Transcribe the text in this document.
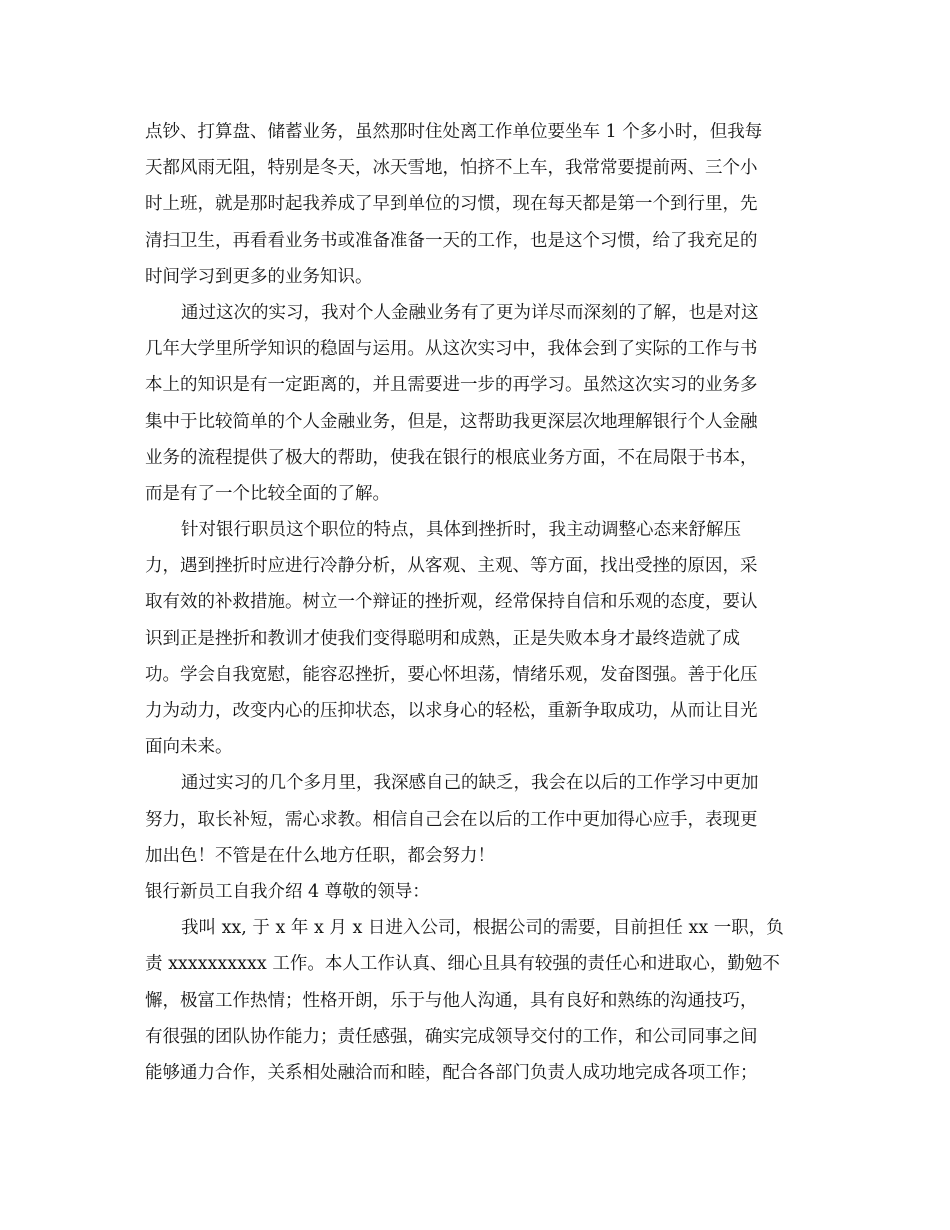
点钞、打算盘、储蓄业务，虽然那时住处离工作单位要坐车 1 个多小时，但我每
天都风雨无阻，特别是冬天，冰天雪地，怕挤不上车，我常常要提前两、三个小
时上班，就是那时起我养成了早到单位的习惯，现在每天都是第一个到行里，先
清扫卫生，再看看业务书或准备准备一天的工作，也是这个习惯，给了我充足的
时间学习到更多的业务知识。
通过这次的实习，我对个人金融业务有了更为详尽而深刻的了解，也是对这
几年大学里所学知识的稳固与运用。从这次实习中，我体会到了实际的工作与书
本上的知识是有一定距离的，并且需要进一步的再学习。虽然这次实习的业务多
集中于比较简单的个人金融业务，但是，这帮助我更深层次地理解银行个人金融
业务的流程提供了极大的帮助，使我在银行的根底业务方面，不在局限于书本，
而是有了一个比较全面的了解。
针对银行职员这个职位的特点，具体到挫折时，我主动调整心态来舒解压
力，遇到挫折时应进行冷静分析，从客观、主观、等方面，找出受挫的原因，采
取有效的补救措施。树立一个辩证的挫折观，经常保持自信和乐观的态度，要认
识到正是挫折和教训才使我们变得聪明和成熟，正是失败本身才最终造就了成
功。学会自我宽慰，能容忍挫折，要心怀坦荡，情绪乐观，发奋图强。善于化压
力为动力，改变内心的压抑状态，以求身心的轻松，重新争取成功，从而让目光
面向未来。
通过实习的几个多月里，我深感自己的缺乏，我会在以后的工作学习中更加
努力，取长补短，需心求教。相信自己会在以后的工作中更加得心应手，表现更
加出色！不管是在什么地方任职，都会努力！
银行新员工自我介绍 4 尊敬的领导：
我叫 xx, 于 x 年 x 月 x 日进入公司，根据公司的需要，目前担任 xx 一职，负
责 xxxxxxxxxx 工作。本人工作认真、细心且具有较强的责任心和进取心，勤勉不
懈，极富工作热情；性格开朗，乐于与他人沟通，具有良好和熟练的沟通技巧，
有很强的团队协作能力；责任感强，确实完成领导交付的工作，和公司同事之间
能够通力合作，关系相处融洽而和睦，配合各部门负责人成功地完成各项工作；
